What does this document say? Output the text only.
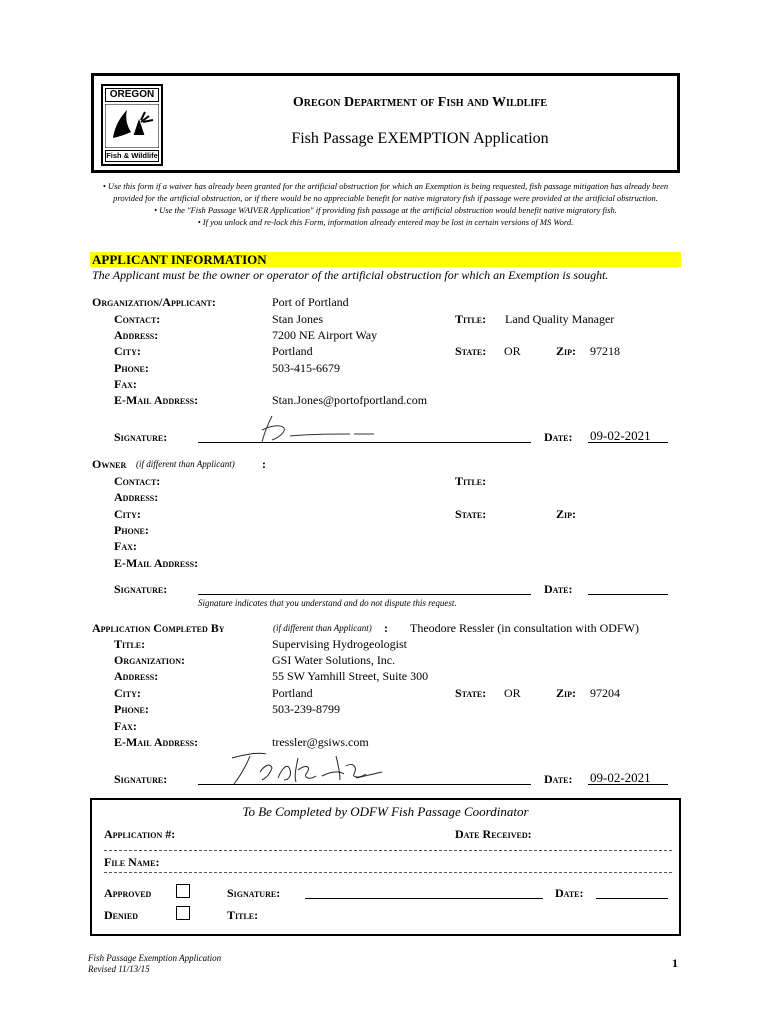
OREGON
Fish & Wildlife
Oregon Department of Fish and Wildlife
Fish Passage EXEMPTION Application
• Use this form if a waiver has already been granted for the artificial obstruction for which an Exemption is being requested, fish passage mitigation has already been provided for the artificial obstruction, or if there would be no appreciable benefit for native migratory fish if passage were provided at the artificial obstruction.
• Use the "Fish Passage WAIVER Application" if providing fish passage at the artificial obstruction would benefit native migratory fish.
• If you unlock and re-lock this Form, information already entered may be lost in certain versions of MS Word.
APPLICANT INFORMATION
The Applicant must be the owner or operator of the artificial obstruction for which an Exemption is sought.
Organization/Applicant:	Port of Portland
Contact:	Stan Jones	Title: Land Quality Manager
Address:	7200 NE Airport Way
City:	Portland	State: OR	Zip: 97218
Phone:	503-415-6679
Fax:
E-Mail Address:	Stan.Jones@portofportland.com
Signature:	Date: 09-02-2021
Owner (if different than Applicant) :
Contact:	Title:
Address:
City:	State:	Zip:
Phone:
Fax:
E-Mail Address:
Signature:	Date:
Signature indicates that you understand and do not dispute this request.
Application Completed By	(if different than Applicant) : Theodore Ressler (in consultation with ODFW)
Title:	Supervising Hydrogeologist
Organization:	GSI Water Solutions, Inc.
Address:	55 SW Yamhill Street, Suite 300
City:	Portland	State: OR	Zip: 97204
Phone:	503-239-8799
Fax:
E-Mail Address:	tressler@gsiws.com
Signature:	Date: 09-02-2021
To Be Completed by ODFW Fish Passage Coordinator
Application #:	Date Received:
File Name:
Approved	Signature:	Date:
Denied	Title:
Fish Passage Exemption Application
Revised 11/13/15	1
